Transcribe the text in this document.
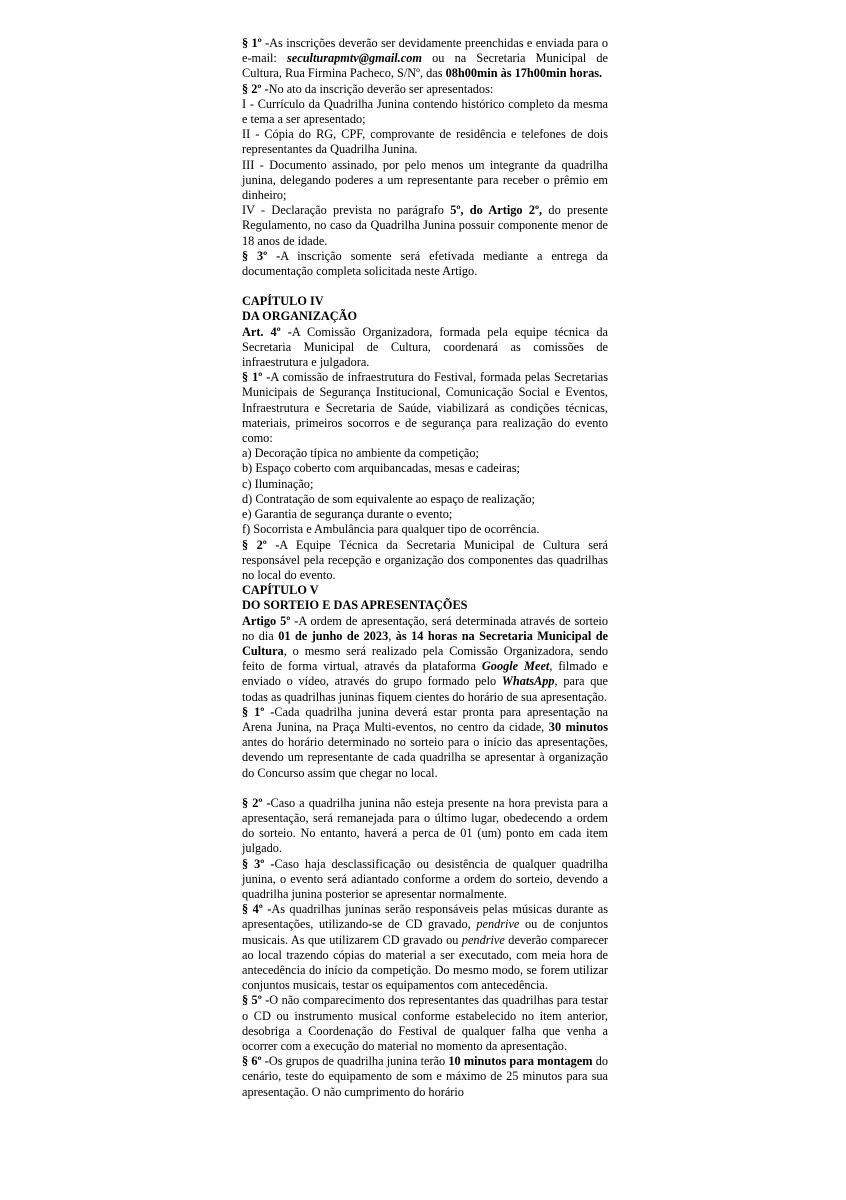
§ 1º -As inscrições deverão ser devidamente preenchidas e enviada para o e-mail: seculturapmtv@gmail.com ou na Secretaria Municipal de Cultura, Rua Firmina Pacheco, S/Nº, das 08h00min às 17h00min horas.

§ 2º -No ato da inscrição deverão ser apresentados:

I - Currículo da Quadrilha Junina contendo histórico completo da mesma e tema a ser apresentado;

II - Cópia do RG, CPF, comprovante de residência e telefones de dois representantes da Quadrilha Junina.

III - Documento assinado, por pelo menos um integrante da quadrilha junina, delegando poderes a um representante para receber o prêmio em dinheiro;

IV - Declaração prevista no parágrafo 5º, do Artigo 2º, do presente Regulamento, no caso da Quadrilha Junina possuir componente menor de 18 anos de idade.

§ 3º -A inscrição somente será efetivada mediante a entrega da documentação completa solicitada neste Artigo.

CAPÍTULO IV

DA ORGANIZAÇÃO

Art. 4º -A Comissão Organizadora, formada pela equipe técnica da Secretaria Municipal de Cultura, coordenará as comissões de infraestrutura e julgadora.

§ 1º -A comissão de infraestrutura do Festival, formada pelas Secretarias Municipais de Segurança Institucional, Comunicação Social e Eventos, Infraestrutura e Secretaria de Saúde, viabilizará as condições técnicas, materiais, primeiros socorros e de segurança para realização do evento como:

a) Decoração típica no ambiente da competição;

b) Espaço coberto com arquibancadas, mesas e cadeiras;

c) Iluminação;

d) Contratação de som equivalente ao espaço de realização;

e) Garantia de segurança durante o evento;

f) Socorrista e Ambulância para qualquer tipo de ocorrência.

§ 2º -A Equipe Técnica da Secretaria Municipal de Cultura será responsável pela recepção e organização dos componentes das quadrilhas no local do evento.

CAPÍTULO V

DO SORTEIO E DAS APRESENTAÇÕES

Artigo 5º -A ordem de apresentação, será determinada através de sorteio no dia 01 de junho de 2023, às 14 horas na Secretaria Municipal de Cultura, o mesmo será realizado pela Comissão Organizadora, sendo feito de forma virtual, através da plataforma Google Meet, filmado e enviado o vídeo, através do grupo formado pelo WhatsApp, para que todas as quadrilhas juninas fiquem cientes do horário de sua apresentação.

§ 1º -Cada quadrilha junina deverá estar pronta para apresentação na Arena Junina, na Praça Multi-eventos, no centro da cidade, 30 minutos antes do horário determinado no sorteio para o início das apresentações, devendo um representante de cada quadrilha se apresentar à organização do Concurso assim que chegar no local.

§ 2º -Caso a quadrilha junina não esteja presente na hora prevista para a apresentação, será remanejada para o último lugar, obedecendo a ordem do sorteio. No entanto, haverá a perca de 01 (um) ponto em cada item julgado.

§ 3º -Caso haja desclassificação ou desistência de qualquer quadrilha junina, o evento será adiantado conforme a ordem do sorteio, devendo a quadrilha junina posterior se apresentar normalmente.

§ 4º -As quadrilhas juninas serão responsáveis pelas músicas durante as apresentações, utilizando-se de CD gravado, pendrive ou de conjuntos musicais. As que utilizarem CD gravado ou pendrive deverão comparecer ao local trazendo cópias do material a ser executado, com meia hora de antecedência do início da competição. Do mesmo modo, se forem utilizar conjuntos musicais, testar os equipamentos com antecedência.

§ 5º -O não comparecimento dos representantes das quadrilhas para testar o CD ou instrumento musical conforme estabelecido no item anterior, desobriga a Coordenação do Festival de qualquer falha que venha a ocorrer com a execução do material no momento da apresentação.

§ 6º -Os grupos de quadrilha junina terão 10 minutos para montagem do cenário, teste do equipamento de som e máximo de 25 minutos para sua apresentação. O não cumprimento do horário
